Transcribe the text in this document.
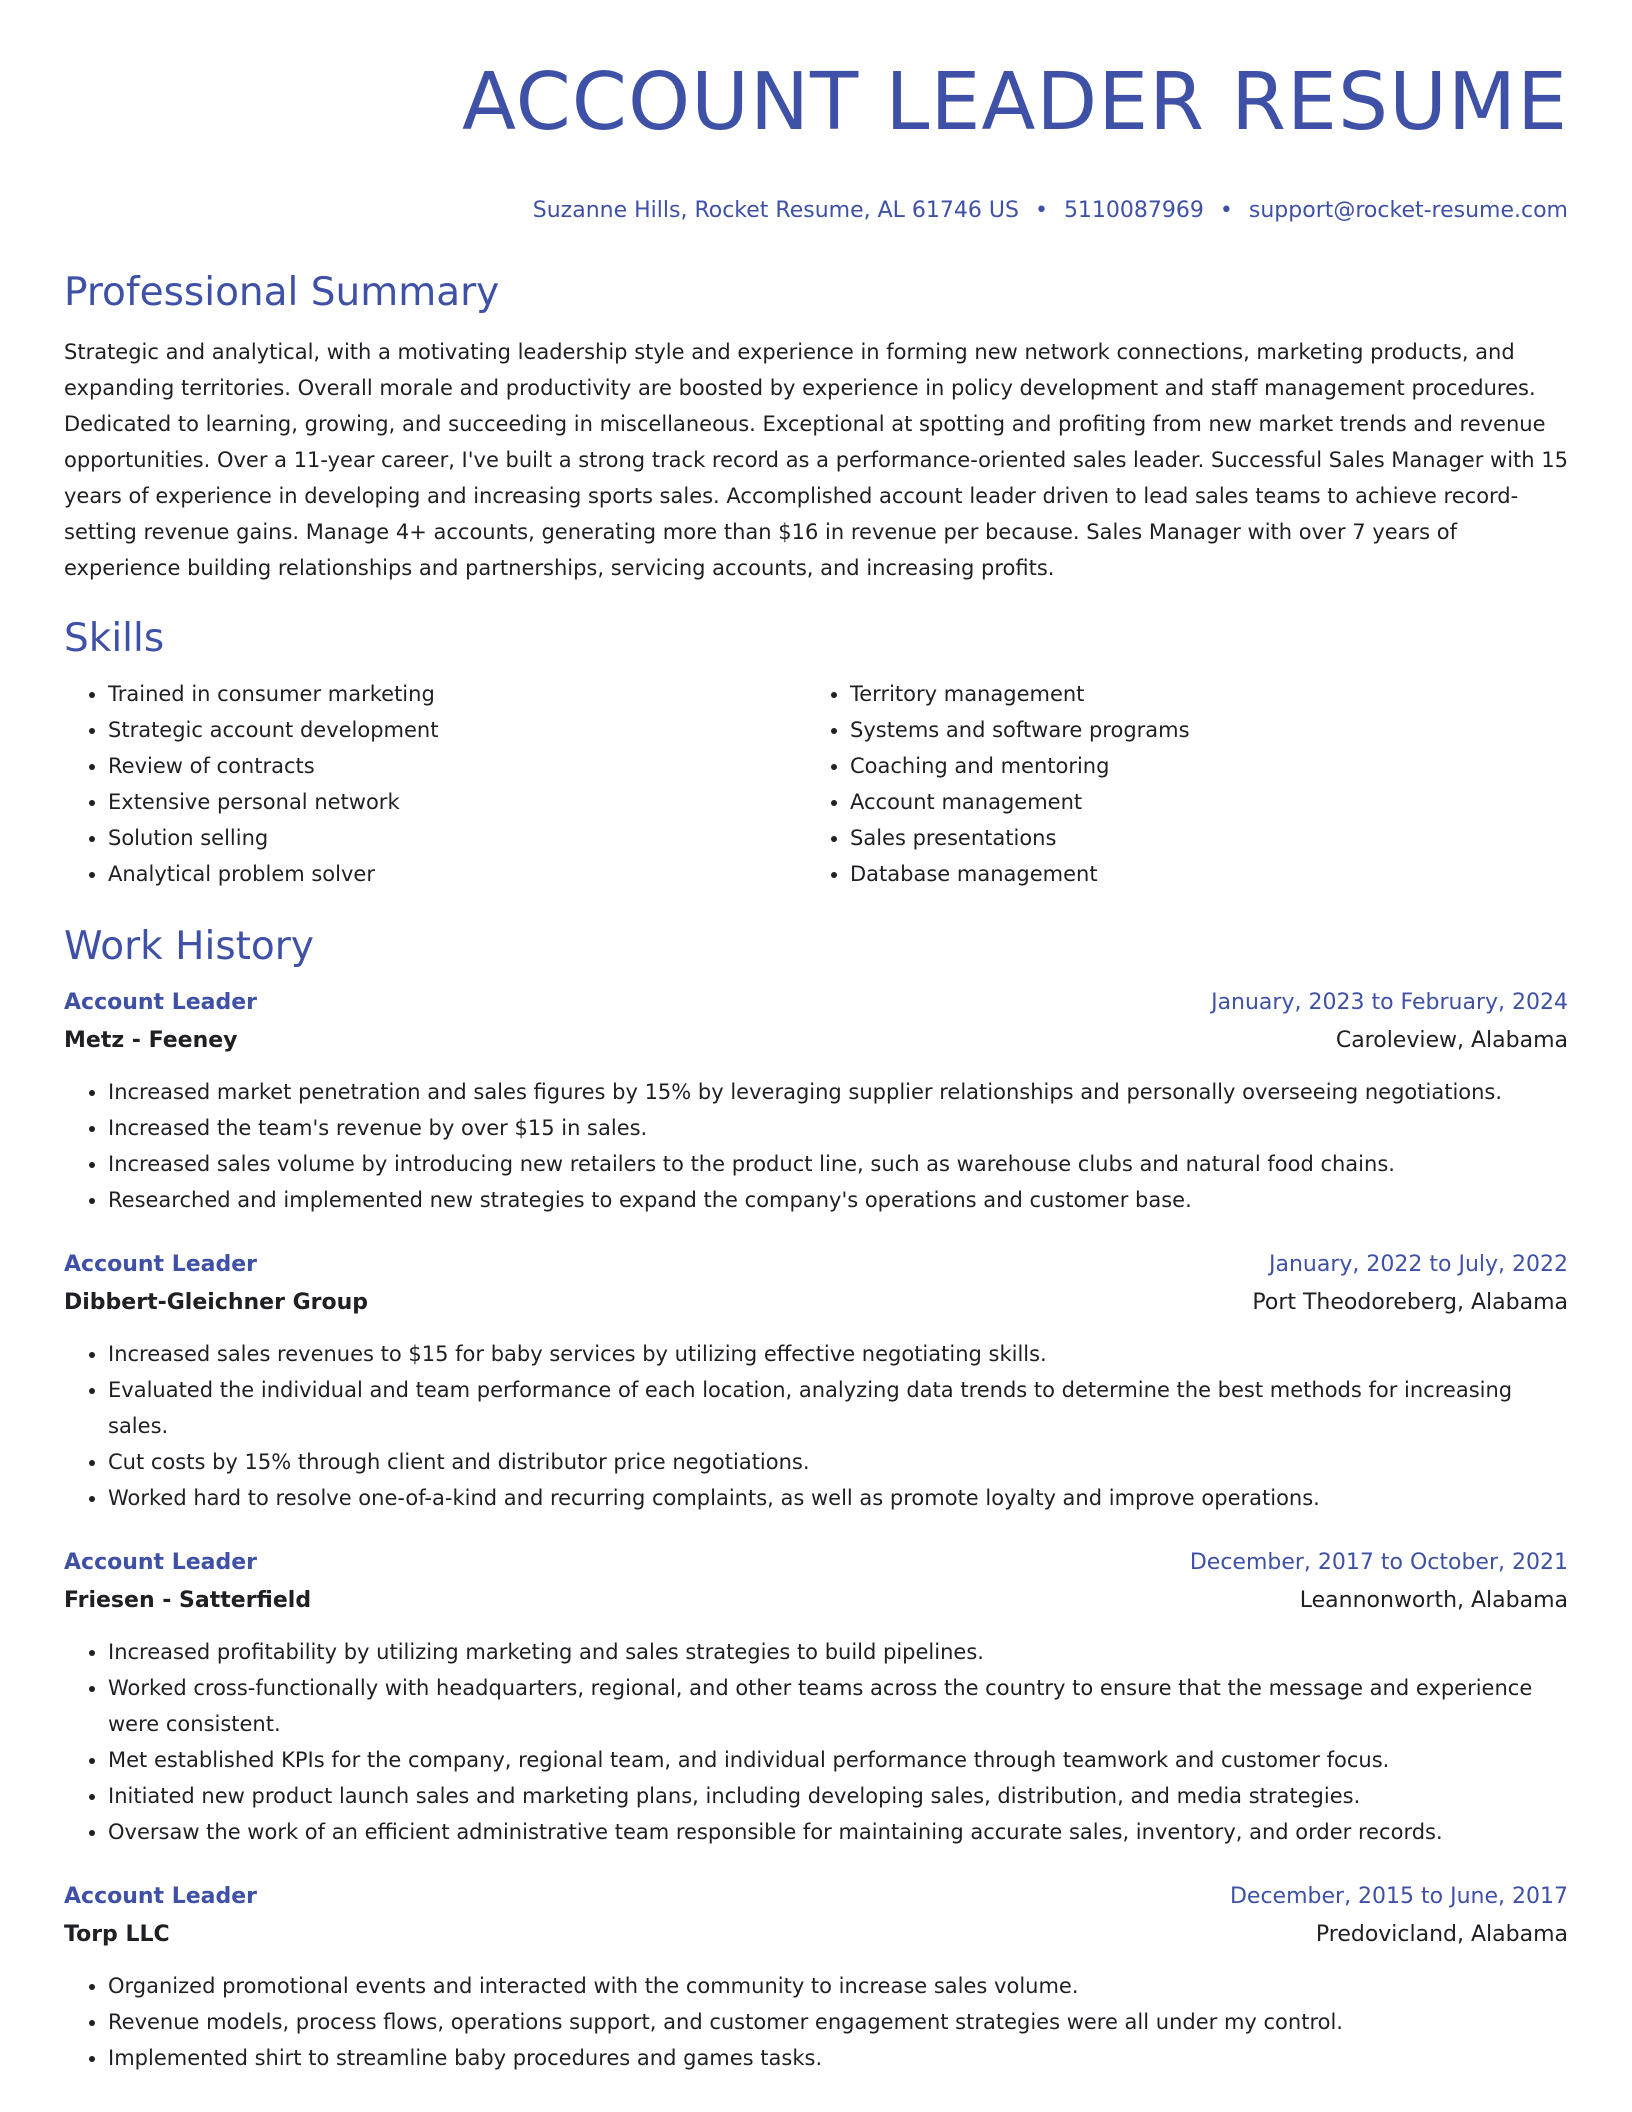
ACCOUNT LEADER RESUME
Suzanne Hills, Rocket Resume, AL 61746 US • 5110087969 • support@rocket-resume.com
Professional Summary

Strategic and analytical, with a motivating leadership style and experience in forming new network connections, marketing products, and expanding territories. Overall morale and productivity are boosted by experience in policy development and staff management procedures. Dedicated to learning, growing, and succeeding in miscellaneous. Exceptional at spotting and profiting from new market trends and revenue opportunities. Over a 11-year career, I've built a strong track record as a performance-oriented sales leader. Successful Sales Manager with 15 years of experience in developing and increasing sports sales. Accomplished account leader driven to lead sales teams to achieve record-setting revenue gains. Manage 4+ accounts, generating more than $16 in revenue per because. Sales Manager with over 7 years of experience building relationships and partnerships, servicing accounts, and increasing profits.

Skills
• Trained in consumer marketing
• Strategic account development
• Review of contracts
• Extensive personal network
• Solution selling
• Analytical problem solver
• Territory management
• Systems and software programs
• Coaching and mentoring
• Account management
• Sales presentations
• Database management
Work History
Account Leader	January, 2023 to February, 2024
Metz - Feeney	Caroleview, Alabama
• Increased market penetration and sales figures by 15% by leveraging supplier relationships and personally overseeing negotiations.
• Increased the team's revenue by over $15 in sales.
• Increased sales volume by introducing new retailers to the product line, such as warehouse clubs and natural food chains.
• Researched and implemented new strategies to expand the company's operations and customer base.
Account Leader	January, 2022 to July, 2022
Dibbert-Gleichner Group	Port Theodoreberg, Alabama
• Increased sales revenues to $15 for baby services by utilizing effective negotiating skills.
• Evaluated the individual and team performance of each location, analyzing data trends to determine the best methods for increasing sales.
• Cut costs by 15% through client and distributor price negotiations.
• Worked hard to resolve one-of-a-kind and recurring complaints, as well as promote loyalty and improve operations.
Account Leader	December, 2017 to October, 2021
Friesen - Satterfield	Leannonworth, Alabama
• Increased profitability by utilizing marketing and sales strategies to build pipelines.
• Worked cross-functionally with headquarters, regional, and other teams across the country to ensure that the message and experience were consistent.
• Met established KPIs for the company, regional team, and individual performance through teamwork and customer focus.
• Initiated new product launch sales and marketing plans, including developing sales, distribution, and media strategies.
• Oversaw the work of an efficient administrative team responsible for maintaining accurate sales, inventory, and order records.
Account Leader	December, 2015 to June, 2017
Torp LLC	Predovicland, Alabama
• Organized promotional events and interacted with the community to increase sales volume.
• Revenue models, process flows, operations support, and customer engagement strategies were all under my control.
• Implemented shirt to streamline baby procedures and games tasks.
